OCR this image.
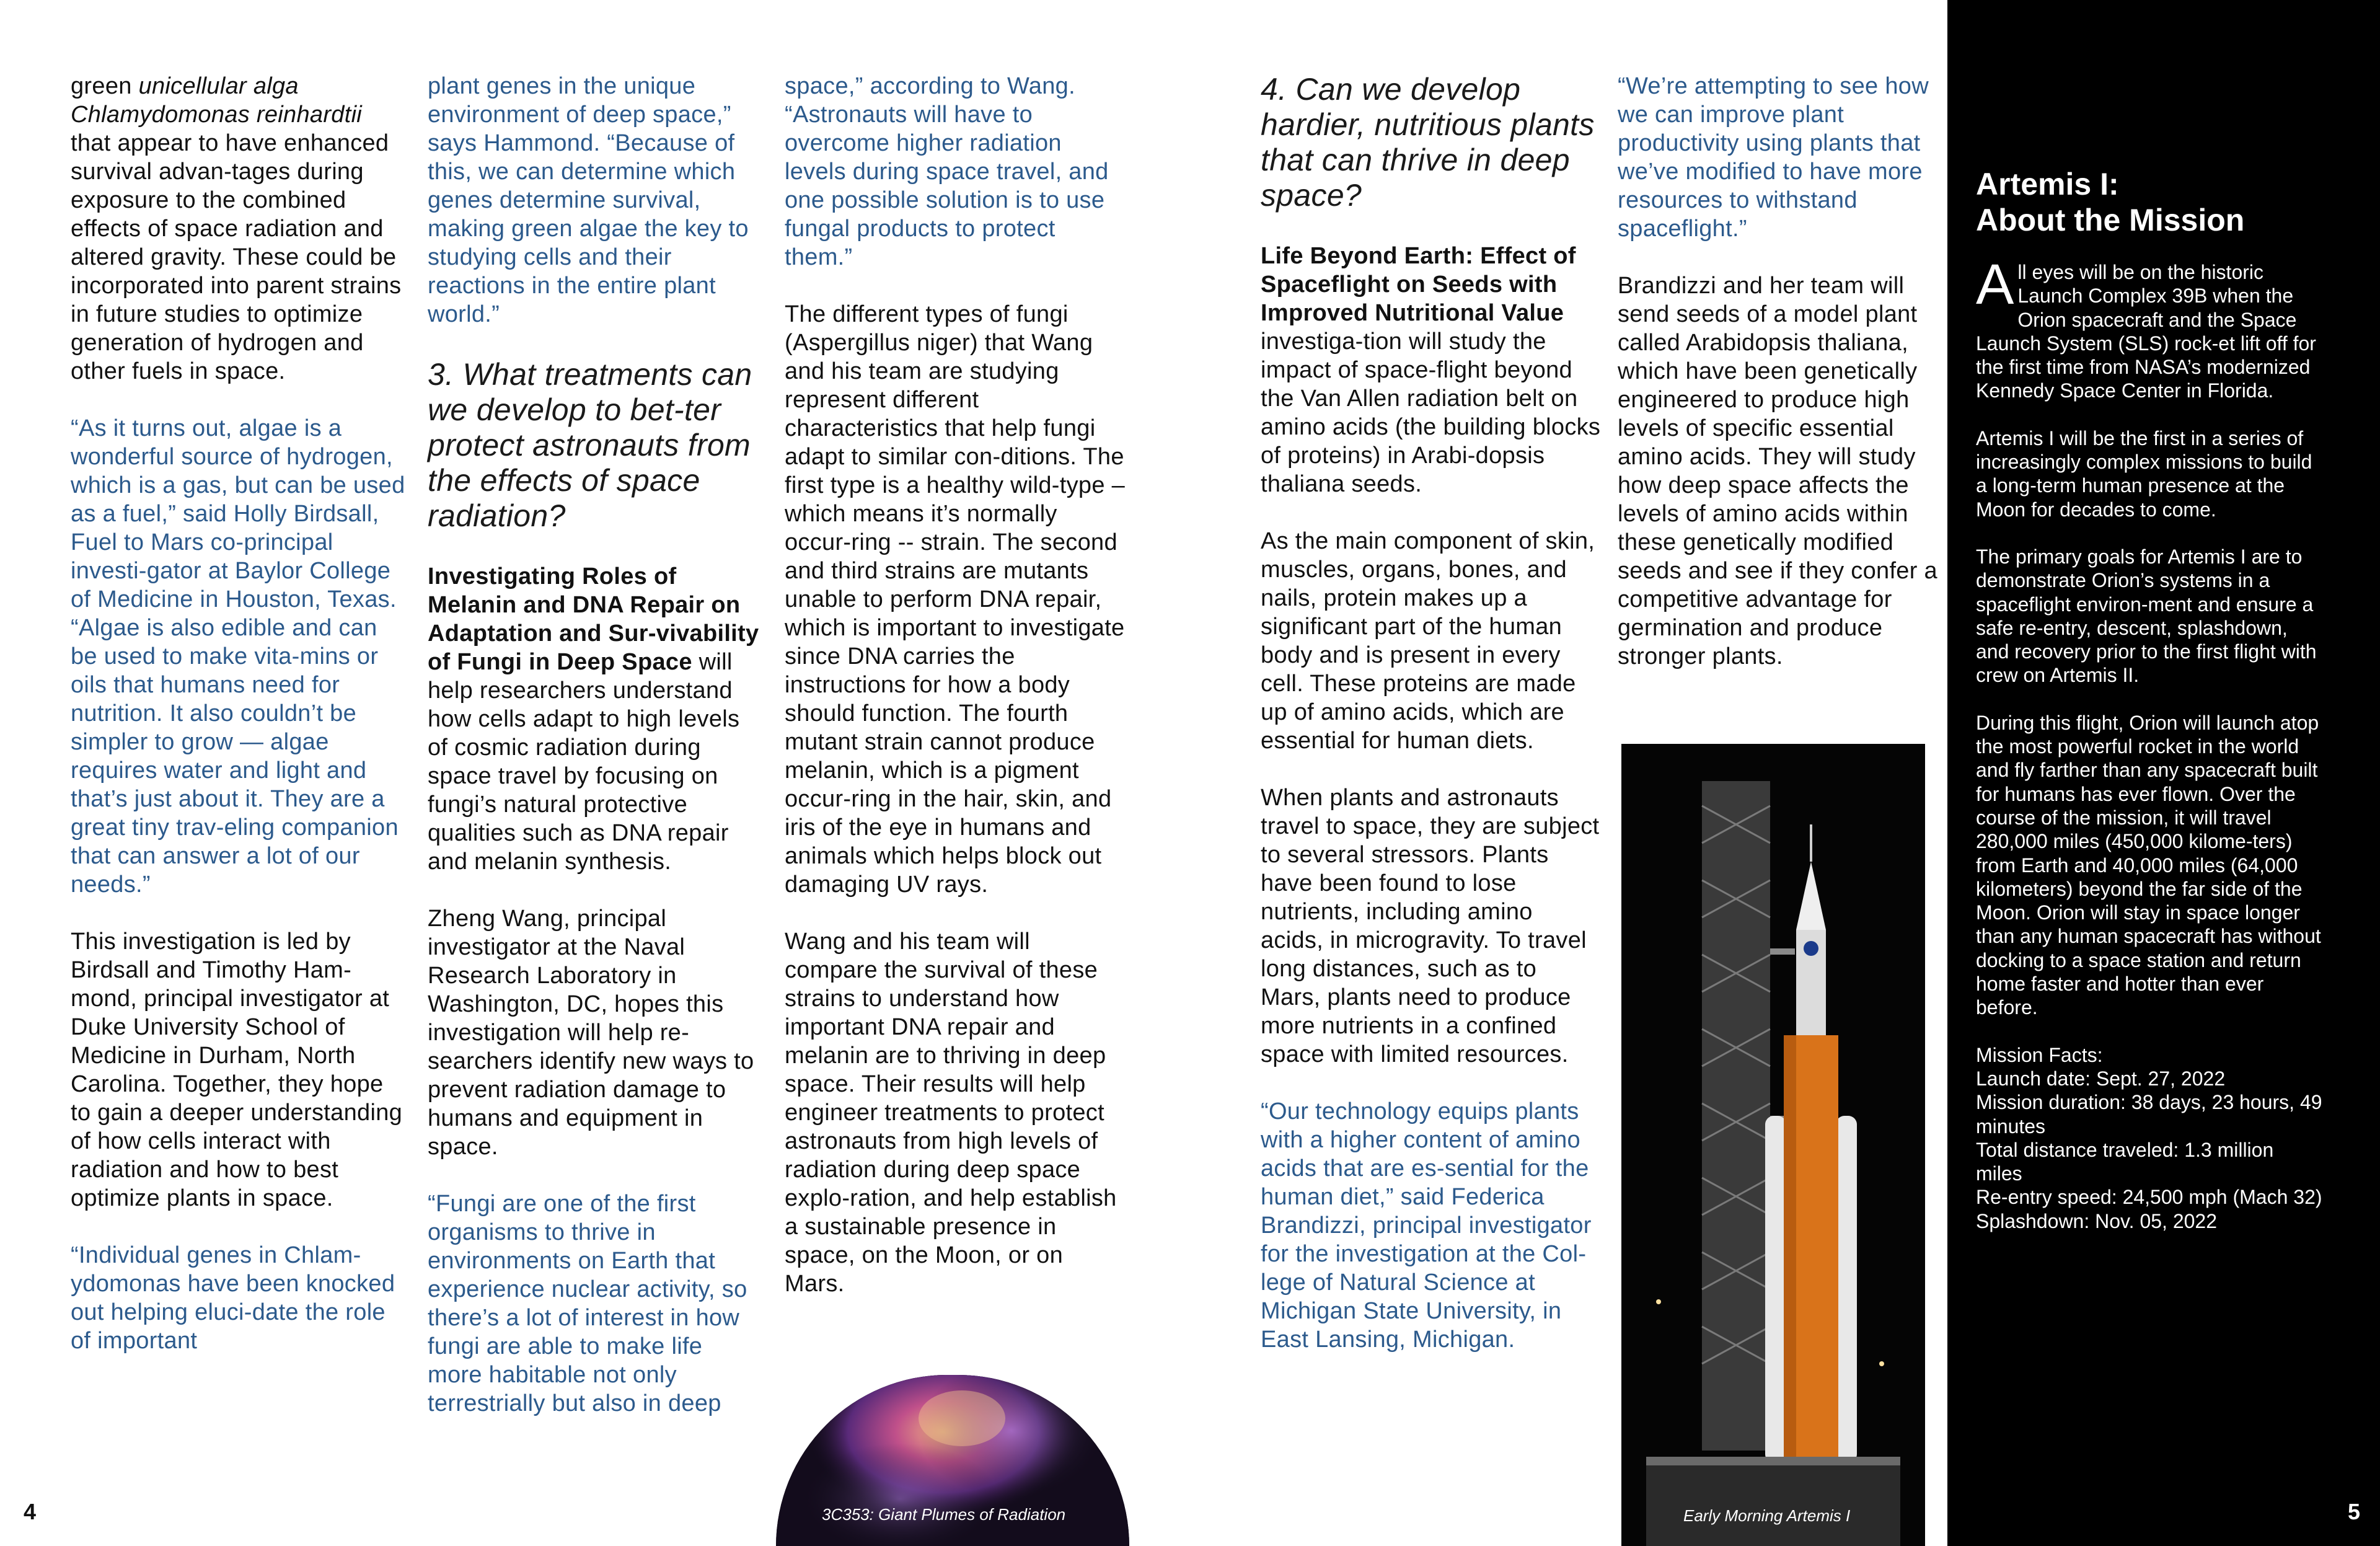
green unicellular alga Chlamydomonas reinhardtii that appear to have enhanced survival advan-tages during exposure to the combined effects of space radiation and altered gravity. These could be incorporated into parent strains in future studies to optimize generation of hydrogen and other fuels in space.

“As it turns out, algae is a wonderful source of hydrogen, which is a gas, but can be used as a fuel,” said Holly Birdsall, Fuel to Mars co-principal investi-gator at Baylor College of Medicine in Houston, Texas. “Algae is also edible and can be used to make vita-mins or oils that humans need for nutrition. It also couldn’t be simpler to grow — algae requires water and light and that’s just about it. They are a great tiny trav-eling companion that can answer a lot of our needs.”

This investigation is led by Birdsall and Timothy Ham-mond, principal investigator at Duke University School of Medicine in Durham, North Carolina. Together, they hope to gain a deeper understanding of how cells interact with radiation and how to best optimize plants in space.

“Individual genes in Chlam-ydomonas have been knocked out helping eluci-date the role of important

plant genes in the unique environment of deep space,” says Hammond. “Because of this, we can determine which genes determine survival, making green algae the key to studying cells and their reactions in the entire plant world.”

3. What treatments can we develop to bet-ter protect astronauts from the effects of space radiation?

Investigating Roles of Melanin and DNA Repair on Adaptation and Sur-vivability of Fungi in Deep Space will help researchers understand how cells adapt to high levels of cosmic radiation during space travel by focusing on fungi’s natural protective qualities such as DNA repair and melanin synthesis.

Zheng Wang, principal investigator at the Naval Research Laboratory in Washington, DC, hopes this investigation will help re-searchers identify new ways to prevent radiation damage to humans and equipment in space.

“Fungi are one of the first organisms to thrive in environments on Earth that experience nuclear activity, so there’s a lot of interest in how fungi are able to make life more habitable not only terrestrially but also in deep

space,” according to Wang. “Astronauts will have to overcome higher radiation levels during space travel, and one possible solution is to use fungal products to protect them.”

The different types of fungi (Aspergillus niger) that Wang and his team are studying represent different characteristics that help fungi adapt to similar con-ditions. The first type is a healthy wild-type – which means it’s normally occur-ring -- strain. The second and third strains are mutants unable to perform DNA repair, which is important to investigate since DNA carries the instructions for how a body should function. The fourth mutant strain cannot produce melanin, which is a pigment occur-ring in the hair, skin, and iris of the eye in humans and animals which helps block out damaging UV rays.

Wang and his team will compare the survival of these strains to understand how important DNA repair and melanin are to thriving in deep space. Their results will help engineer treatments to protect astronauts from high levels of radiation during deep space explo-ration, and help establish a sustainable presence in space, on the Moon, or on Mars.

3C353: Giant Plumes of Radiation
4. Can we develop hardier, nutritious plants that can thrive in deep space?

Life Beyond Earth: Effect of Spaceflight on Seeds with Improved Nutritional Value investiga-tion will study the impact of space-flight beyond the Van Allen radiation belt on amino acids (the building blocks of proteins) in Arabi-dopsis thaliana seeds.

As the main component of skin, muscles, organs, bones, and nails, protein makes up a significant part of the human body and is present in every cell. These proteins are made up of amino acids, which are essential for human diets.

When plants and astronauts travel to space, they are subject to several stressors. Plants have been found to lose nutrients, including amino acids, in microgravity. To travel long distances, such as to Mars, plants need to produce more nutrients in a confined space with limited resources.

“Our technology equips plants with a higher content of amino acids that are es-sential for the human diet,” said Federica Brandizzi, principal investigator for the investigation at the Col-lege of Natural Science at Michigan State University, in East Lansing, Michigan.

“We’re attempting to see how we can improve plant productivity using plants that we’ve modified to have more resources to withstand spaceflight.”

Brandizzi and her team will send seeds of a model plant called Arabidopsis thaliana, which have been genetically engineered to produce high levels of specific essential amino acids. They will study how deep space affects the levels of amino acids within these genetically modified seeds and see if they confer a competitive advantage for germination and produce stronger plants.

Early Morning Artemis I
Artemis I:
About the Mission

All eyes will be on the historic Launch Complex 39B when the Orion spacecraft and the Space Launch System (SLS) rock-et lift off for the first time from NASA’s modernized Kennedy Space Center in Florida.

Artemis I will be the first in a series of increasingly complex missions to build a long-term human presence at the Moon for decades to come.

The primary goals for Artemis I are to demonstrate Orion’s systems in a spaceflight environ-ment and ensure a safe re-entry, descent, splashdown, and recovery prior to the first flight with crew on Artemis II.

During this flight, Orion will launch atop the most powerful rocket in the world and fly farther than any spacecraft built for humans has ever flown. Over the course of the mission, it will travel 280,000 miles (450,000 kilome-ters) from Earth and 40,000 miles (64,000 kilometers) beyond the far side of the Moon. Orion will stay in space longer than any human spacecraft has without docking to a space station and return home faster and hotter than ever before.

Mission Facts:
Launch date: Sept. 27, 2022
Mission duration: 38 days, 23 hours, 49 minutes
Total distance traveled: 1.3 million miles
Re-entry speed: 24,500 mph (Mach 32)
Splashdown: Nov. 05, 2022
5
4
